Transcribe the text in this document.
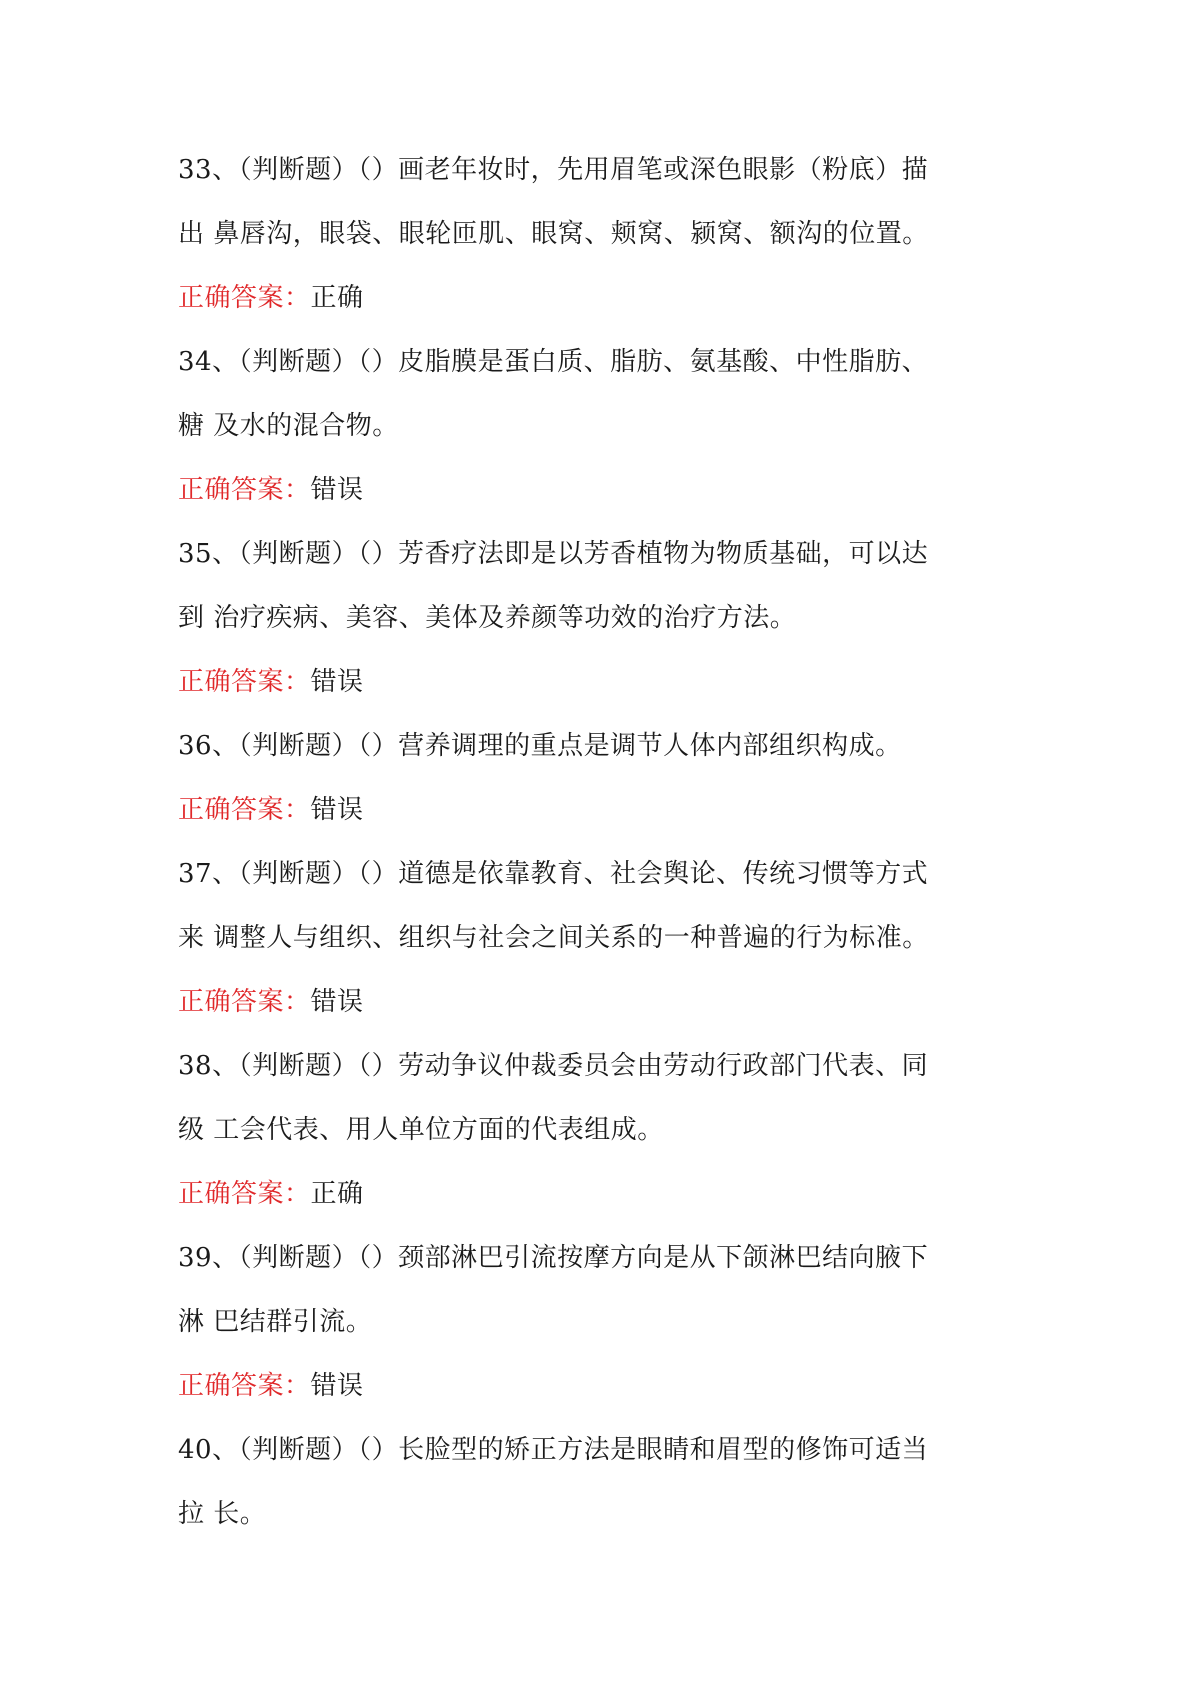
33、（判断题）（）画老年妆时，先用眉笔或深色眼影（粉底）描
出 鼻唇沟，眼袋、眼轮匝肌、眼窝、颊窝、颍窝、额沟的位置。
正确答案：正确
34、（判断题）（）皮脂膜是蛋白质、脂肪、氨基酸、中性脂肪、
糖 及水的混合物。
正确答案：错误
35、（判断题）（）芳香疗法即是以芳香植物为物质基础，可以达
到 治疗疾病、美容、美体及养颜等功效的治疗方法。
正确答案：错误
36、（判断题）（）营养调理的重点是调节人体内部组织构成。
正确答案：错误
37、（判断题）（）道德是依靠教育、社会舆论、传统习惯等方式
来 调整人与组织、组织与社会之间关系的一种普遍的行为标准。
正确答案：错误
38、（判断题）（）劳动争议仲裁委员会由劳动行政部门代表、同
级 工会代表、用人单位方面的代表组成。
正确答案：正确
39、（判断题）（）颈部淋巴引流按摩方向是从下颌淋巴结向腋下
淋 巴结群引流。
正确答案：错误
40、（判断题）（）长脸型的矫正方法是眼睛和眉型的修饰可适当
拉 长。
